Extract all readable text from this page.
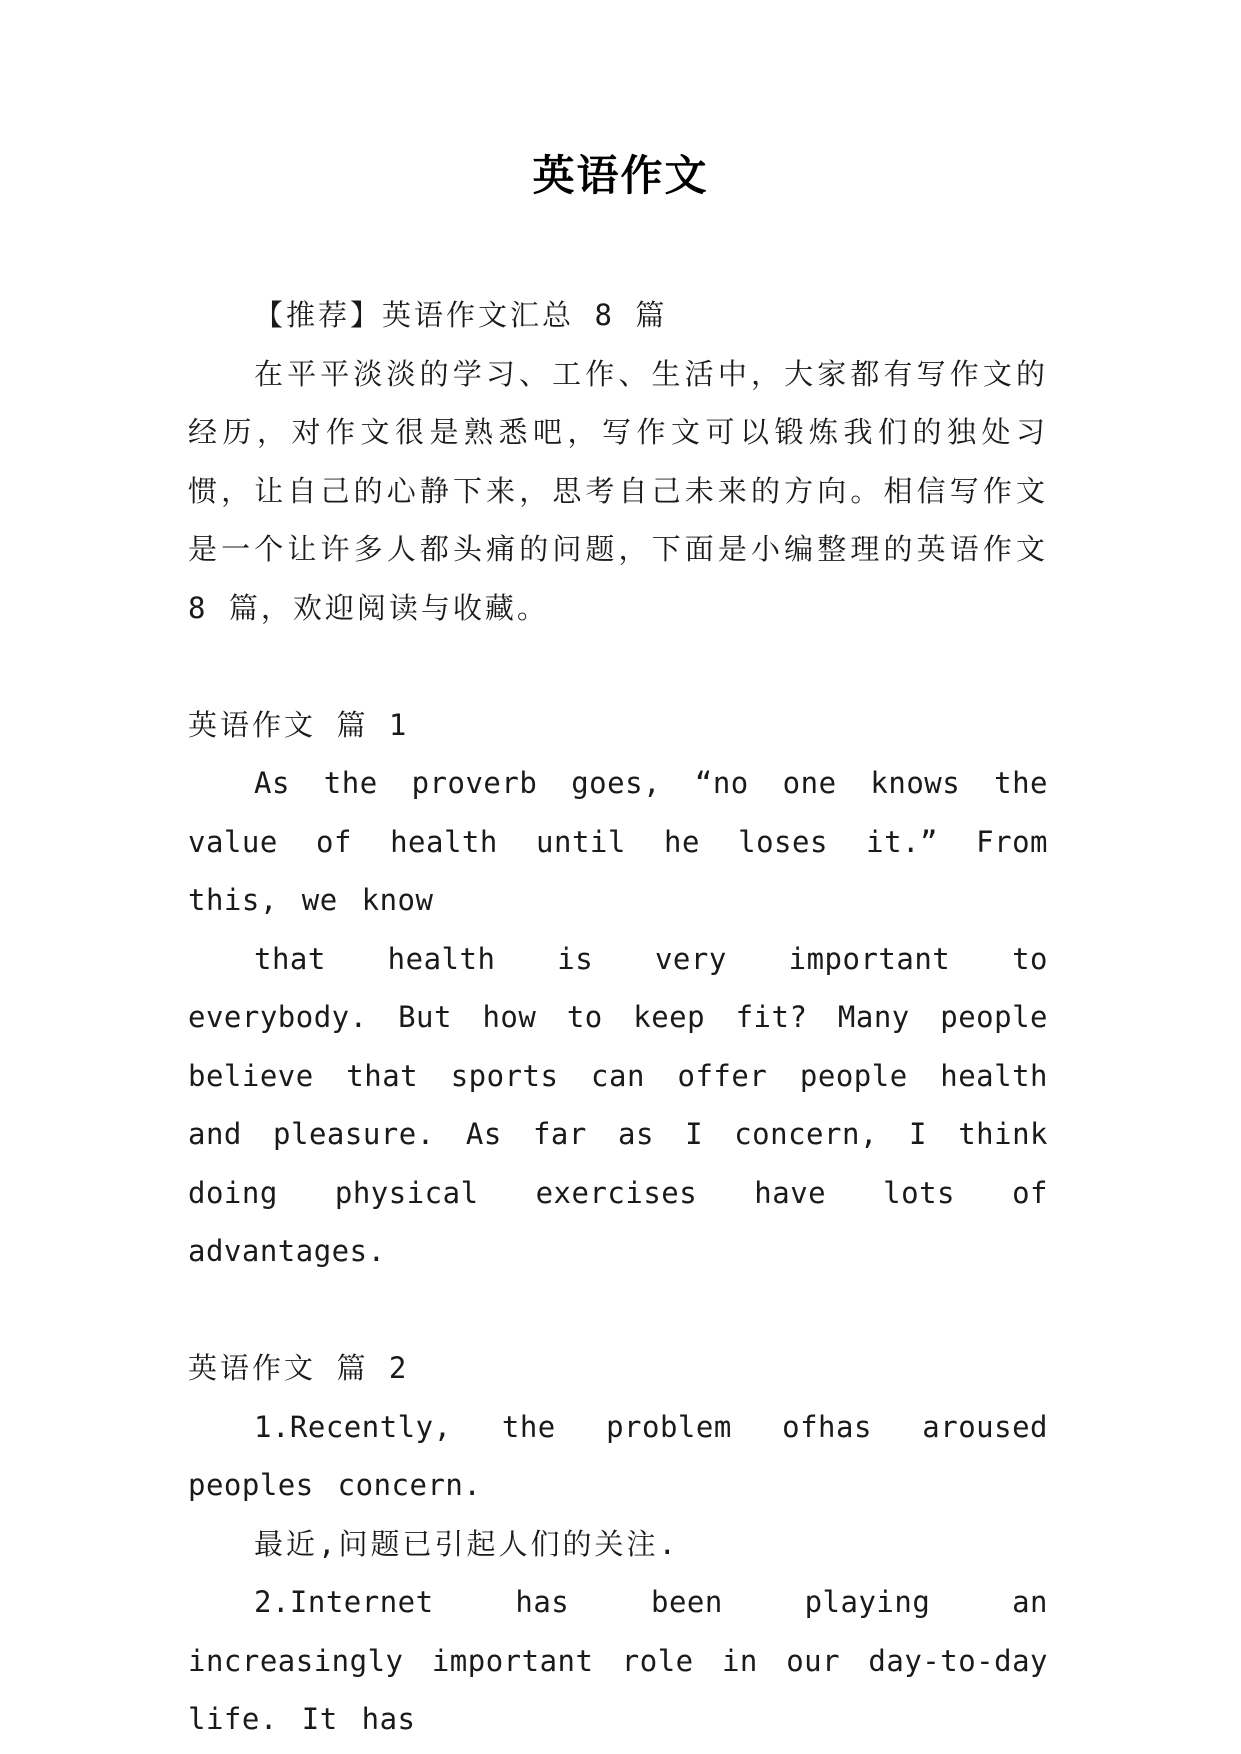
英语作文

【推荐】英语作文汇总 8 篇

在平平淡淡的学习、工作、生活中，大家都有写作文的经历，对作文很是熟悉吧，写作文可以锻炼我们的独处习惯，让自己的心静下来，思考自己未来的方向。相信写作文是一个让许多人都头痛的问题，下面是小编整理的英语作文 8 篇，欢迎阅读与收藏。

英语作文 篇 1

As the proverb goes, “no one knows the value of health until he loses it.” From this, we know

that health is very important to everybody. But how to keep fit? Many people believe that sports can offer people health and pleasure. As far as I concern, I think doing physical exercises have lots of advantages.

英语作文 篇 2

1.Recently, the problem ofhas aroused peoples concern.

最近,问题已引起人们的关注.

2.Internet has been playing an increasingly important role in our day-to-day life. It has
